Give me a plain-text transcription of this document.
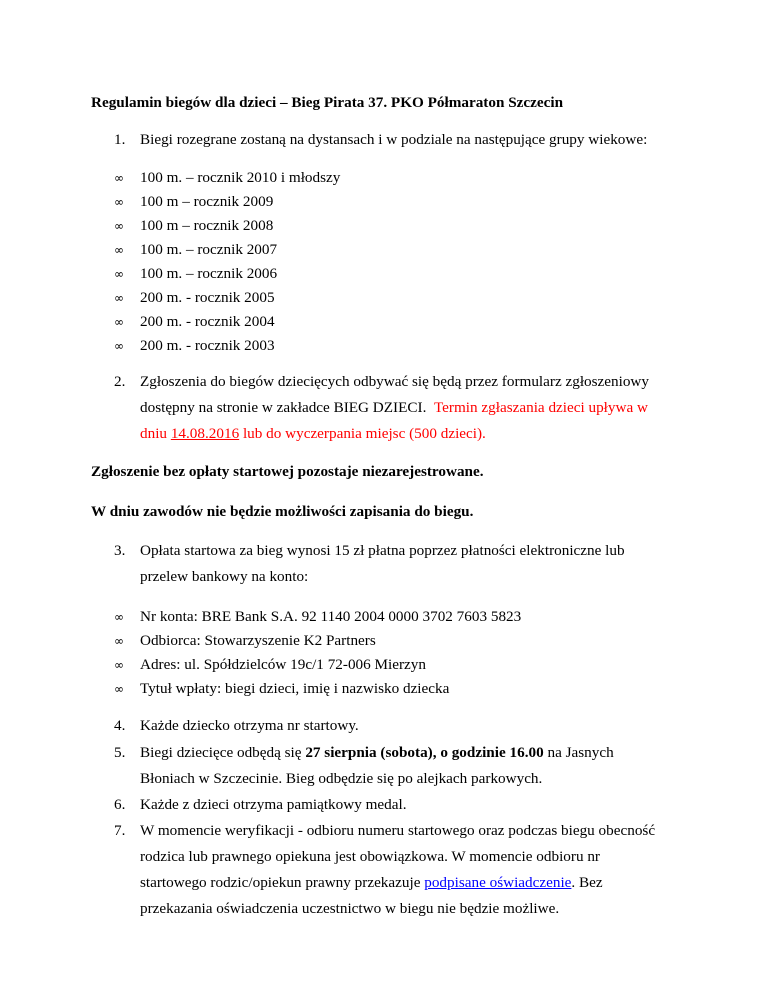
Regulamin biegów dla dzieci – Bieg Pirata 37. PKO Półmaraton Szczecin
1. Biegi rozegrane zostaną na dystansach i w podziale na następujące grupy wiekowe:
∞ 100 m. – rocznik 2010 i młodszy
∞ 100 m – rocznik 2009
∞ 100 m – rocznik 2008
∞ 100 m. – rocznik 2007
∞ 100 m. – rocznik 2006
∞ 200 m. - rocznik 2005
∞ 200 m. - rocznik 2004
∞ 200 m. - rocznik 2003
2. Zgłoszenia do biegów dziecięcych odbywać się będą przez formularz zgłoszeniowy
dostępny na stronie w zakładce BIEG DZIECI. Termin zgłaszania dzieci upływa w
dniu 14.08.2016 lub do wyczerpania miejsc (500 dzieci).
Zgłoszenie bez opłaty startowej pozostaje niezarejestrowane.
W dniu zawodów nie będzie możliwości zapisania do biegu.
3. Opłata startowa za bieg wynosi 15 zł płatna poprzez płatności elektroniczne lub
przelew bankowy na konto:
∞ Nr konta: BRE Bank S.A. 92 1140 2004 0000 3702 7603 5823
∞ Odbiorca: Stowarzyszenie K2 Partners
∞ Adres: ul. Spółdzielców 19c/1 72-006 Mierzyn
∞ Tytuł wpłaty: biegi dzieci, imię i nazwisko dziecka
4. Każde dziecko otrzyma nr startowy.
5. Biegi dziecięce odbędą się 27 sierpnia (sobota), o godzinie 16.00 na Jasnych
Błoniach w Szczecinie. Bieg odbędzie się po alejkach parkowych.
6. Każde z dzieci otrzyma pamiątkowy medal.
7. W momencie weryfikacji - odbioru numeru startowego oraz podczas biegu obecność
rodzica lub prawnego opiekuna jest obowiązkowa. W momencie odbioru nr
startowego rodzic/opiekun prawny przekazuje podpisane oświadczenie. Bez
przekazania oświadczenia uczestnictwo w biegu nie będzie możliwe.
